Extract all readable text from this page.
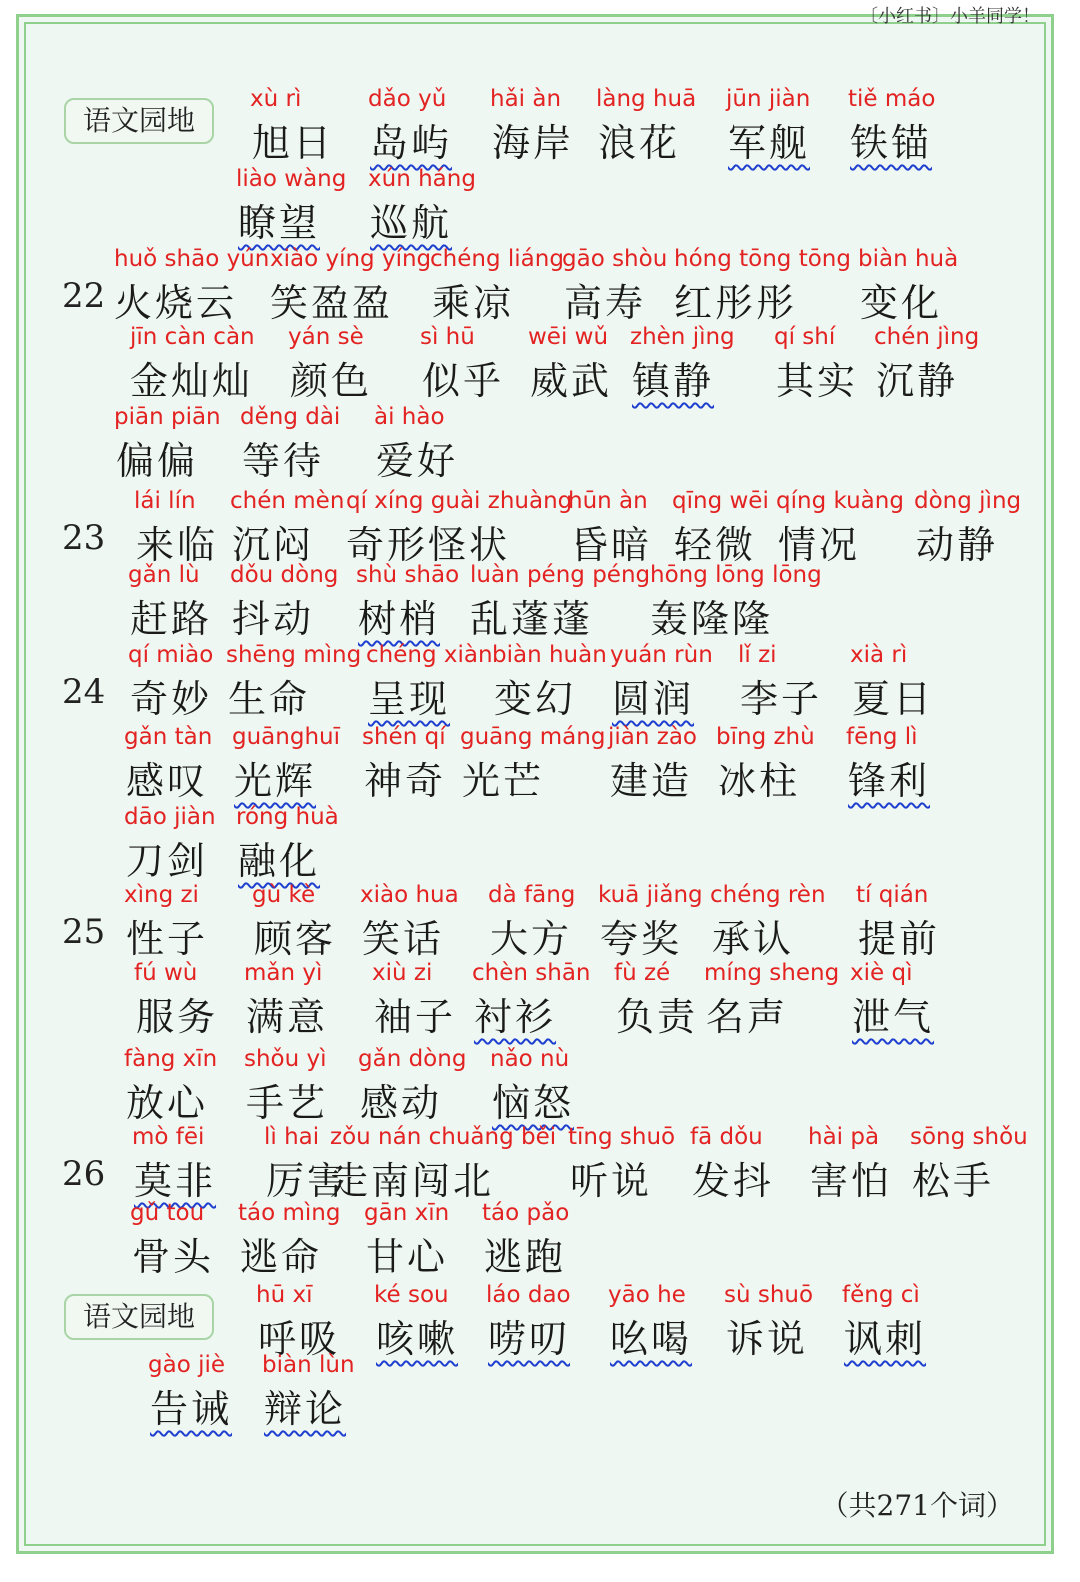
〔小红书〕小羊同学！
语文园地
xù rì
旭日
dǎo yǔ
岛屿
hǎi àn
海岸
làng huā
浪花
jūn jiàn
军舰
tiě máo
铁锚
liào wàng
瞭望
xún háng
巡航
22
huǒ shāo yún
火烧云
xiào yíng yíng
笑盈盈
chéng liáng
乘凉
gāo shòu
高寿
hóng tōng tōng
红彤彤
biàn huà
变化
jīn càn càn
金灿灿
yán sè
颜色
sì hū
似乎
wēi wǔ
威武
zhèn jìng
镇静
qí shí
其实
chén jìng
沉静
piān piān
偏偏
děng dài
等待
ài hào
爱好
23
lái lín
来临
chén mèn
沉闷
qí xíng guài zhuàng
奇形怪状
hūn àn
昏暗
qīng wēi
轻微
qíng kuàng
情况
dòng jìng
动静
gǎn lù
赶路
dǒu dòng
抖动
shù shāo
树梢
luàn péng péng
乱蓬蓬
hōng lōng lōng
轰隆隆
24
qí miào
奇妙
shēng mìng
生命
chéng xiàn
呈现
biàn huàn
变幻
yuán rùn
圆润
lǐ zi
李子
xià rì
夏日
gǎn tàn
感叹
guānghuī
光辉
shén qí
神奇
guāng máng
光芒
jiàn zào
建造
bīng zhù
冰柱
fēng lì
锋利
dāo jiàn
刀剑
róng huà
融化
25
xìng zi
性子
gù kè
顾客
xiào hua
笑话
dà fāng
大方
kuā jiǎng
夸奖
chéng rèn
承认
tí qián
提前
fú wù
服务
mǎn yì
满意
xiù zi
袖子
chèn shān
衬衫
fù zé
负责
míng sheng
名声
xiè qì
泄气
fàng xīn
放心
shǒu yì
手艺
gǎn dòng
感动
nǎo nù
恼怒
26
mò fēi
莫非
lì hai
厉害
zǒu nán chuǎng běi
走南闯北
tīng shuō
听说
fā dǒu
发抖
hài pà
害怕
sōng shǒu
松手
gǔ tou
骨头
táo mìng
逃命
gān xīn
甘心
táo pǎo
逃跑
语文园地
hū xī
呼吸
ké sou
咳嗽
láo dao
唠叨
yāo he
吆喝
sù shuō
诉说
fěng cì
讽刺
gào jiè
告诫
biàn lùn
辩论
（共271个词）
